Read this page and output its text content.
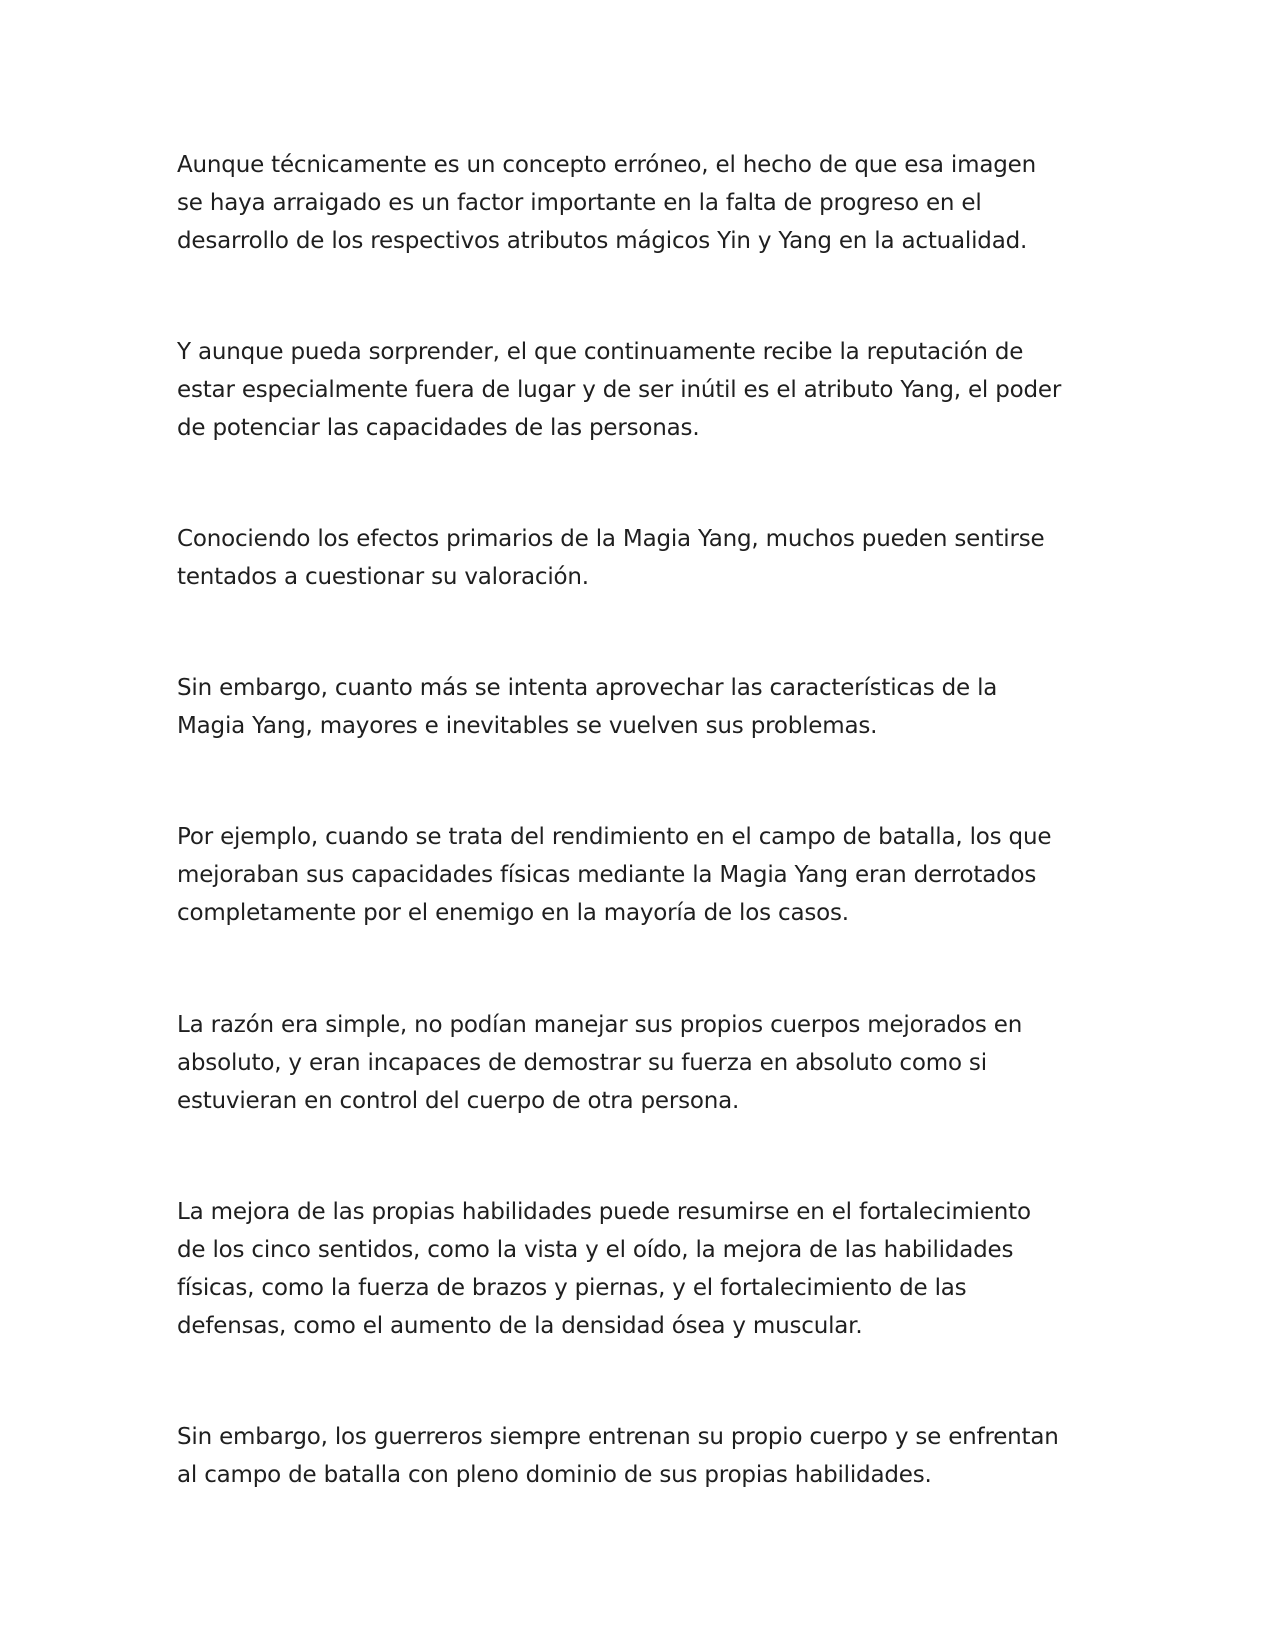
Aunque técnicamente es un concepto erróneo, el hecho de que esa imagen
se haya arraigado es un factor importante en la falta de progreso en el
desarrollo de los respectivos atributos mágicos Yin y Yang en la actualidad.

Y aunque pueda sorprender, el que continuamente recibe la reputación de
estar especialmente fuera de lugar y de ser inútil es el atributo Yang, el poder
de potenciar las capacidades de las personas.

Conociendo los efectos primarios de la Magia Yang, muchos pueden sentirse
tentados a cuestionar su valoración.

Sin embargo, cuanto más se intenta aprovechar las características de la
Magia Yang, mayores e inevitables se vuelven sus problemas.

Por ejemplo, cuando se trata del rendimiento en el campo de batalla, los que
mejoraban sus capacidades físicas mediante la Magia Yang eran derrotados
completamente por el enemigo en la mayoría de los casos.

La razón era simple, no podían manejar sus propios cuerpos mejorados en
absoluto, y eran incapaces de demostrar su fuerza en absoluto como si
estuvieran en control del cuerpo de otra persona.

La mejora de las propias habilidades puede resumirse en el fortalecimiento
de los cinco sentidos, como la vista y el oído, la mejora de las habilidades
físicas, como la fuerza de brazos y piernas, y el fortalecimiento de las
defensas, como el aumento de la densidad ósea y muscular.

Sin embargo, los guerreros siempre entrenan su propio cuerpo y se enfrentan
al campo de batalla con pleno dominio de sus propias habilidades.
